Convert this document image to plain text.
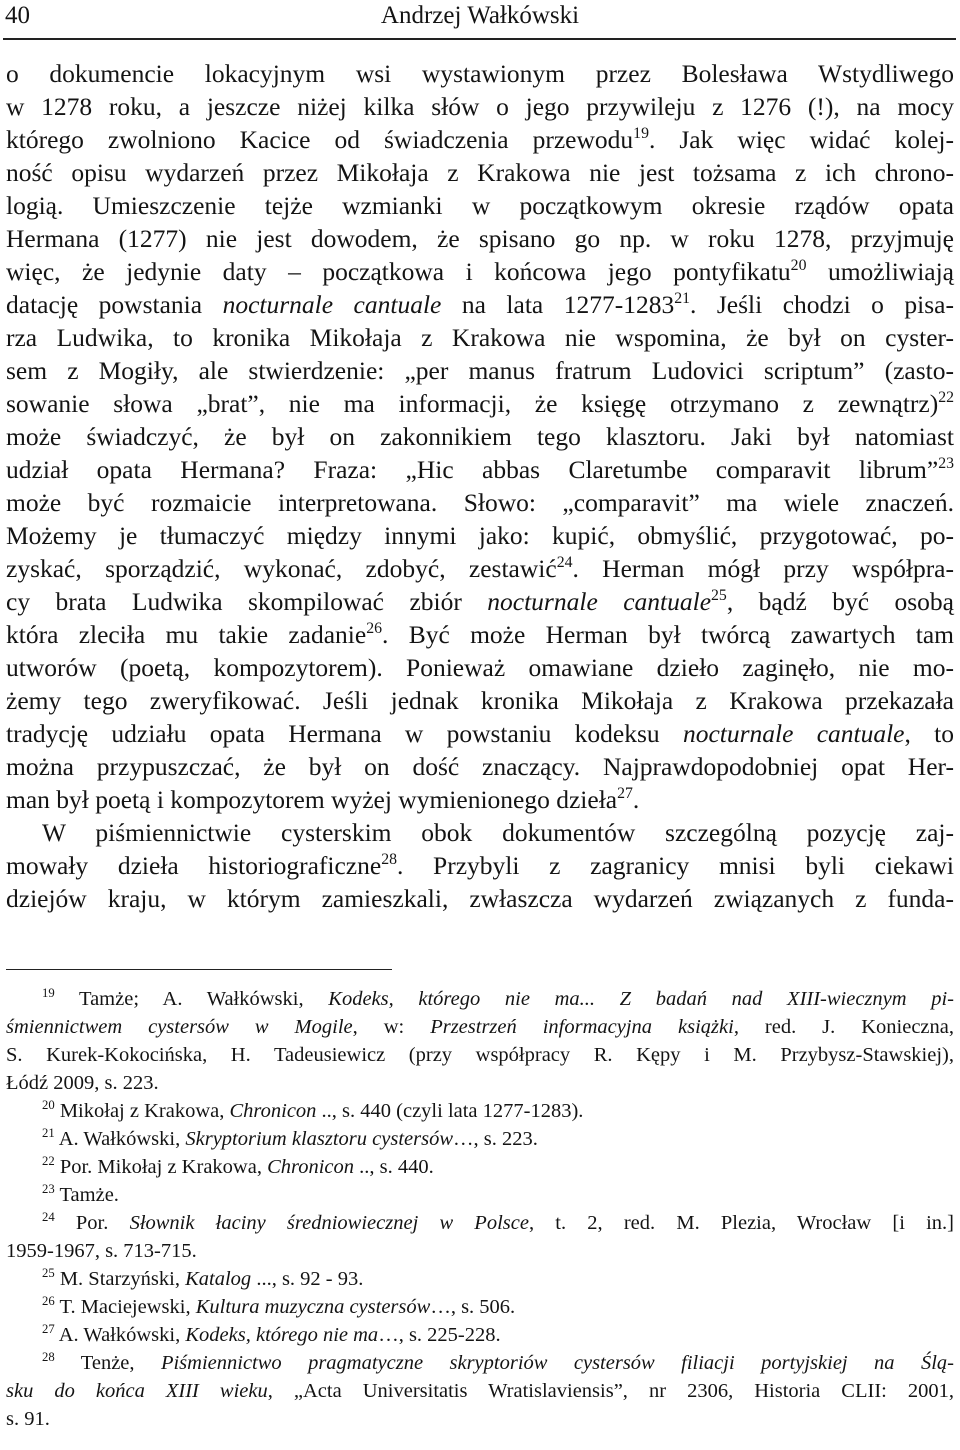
40	Andrzej Wałkówski
o dokumencie lokacyjnym wsi wystawionym przez Bolesława Wstydliwego
w 1278 roku, a jeszcze niżej kilka słów o jego przywileju z 1276 (!), na mocy
którego zwolniono Kacice od świadczenia przewodu$^{19}$. Jak więc widać kolej-
ność opisu wydarzeń przez Mikołaja z Krakowa nie jest tożsama z ich chrono-
logią. Umieszczenie tejże wzmianki w początkowym okresie rządów opata
Hermana (1277) nie jest dowodem, że spisano go np. w roku 1278, przyjmuję
więc, że jedynie daty – początkowa i końcowa jego pontyfikatu$^{20}$ umożliwiają
datację powstania nocturnale cantuale na lata 1277-1283$^{21}$. Jeśli chodzi o pisa-
rza Ludwika, to kronika Mikołaja z Krakowa nie wspomina, że był on cyster-
sem z Mogiły, ale stwierdzenie: „per manus fratrum Ludovici scriptum” (zasto-
sowanie słowa „brat”, nie ma informacji, że księgę otrzymano z zewnątrz)$^{22}$
może świadczyć, że był on zakonnikiem tego klasztoru. Jaki był natomiast
udział opata Hermana? Fraza: „Hic abbas Claretumbe comparavit librum”$^{23}$
może być rozmaicie interpretowana. Słowo: „comparavit” ma wiele znaczeń.
Możemy je tłumaczyć między innymi jako: kupić, obmyślić, przygotować, po-
zyskać, sporządzić, wykonać, zdobyć, zestawić$^{24}$. Herman mógł przy współpra-
cy brata Ludwika skompilować zbiór nocturnale cantuale$^{25}$, bądź być osobą
która zleciła mu takie zadanie$^{26}$. Być może Herman był twórcą zawartych tam
utworów (poetą, kompozytorem). Ponieważ omawiane dzieło zaginęło, nie mo-
żemy tego zweryfikować. Jeśli jednak kronika Mikołaja z Krakowa przekazała
tradycję udziału opata Hermana w powstaniu kodeksu nocturnale cantuale, to
można przypuszczać, że był on dość znaczący. Najprawdopodobniej opat Her-
man był poetą i kompozytorem wyżej wymienionego dzieła$^{27}$.
W piśmiennictwie cysterskim obok dokumentów szczególną pozycję zaj-
mowały dzieła historiograficzne$^{28}$. Przybyli z zagranicy mnisi byli ciekawi
dziejów kraju, w którym zamieszkali, zwłaszcza wydarzeń związanych z funda-
$^{19}$ Tamże; A. Wałkówski, Kodeks, którego nie ma... Z badań nad XIII-wiecznym pi-
śmiennictwem cystersów w Mogile, w: Przestrzeń informacyjna książki, red. J. Konieczna,
S. Kurek-Kokocińska, H. Tadeusiewicz (przy współpracy R. Kępy i M. Przybysz-Stawskiej),
Łódź 2009, s. 223.
$^{20}$ Mikołaj z Krakowa, Chronicon .., s. 440 (czyli lata 1277-1283).
$^{21}$ A. Wałkówski, Skryptorium klasztoru cystersów…, s. 223.
$^{22}$ Por. Mikołaj z Krakowa, Chronicon .., s. 440.
$^{23}$ Tamże.
$^{24}$ Por. Słownik łaciny średniowiecznej w Polsce, t. 2, red. M. Plezia, Wrocław [i in.]
1959-1967, s. 713-715.
$^{25}$ M. Starzyński, Katalog ..., s. 92 - 93.
$^{26}$ T. Maciejewski, Kultura muzyczna cystersów…, s. 506.
$^{27}$ A. Wałkówski, Kodeks, którego nie ma…, s. 225-228.
$^{28}$ Tenże, Piśmiennictwo pragmatyczne skryptoriów cystersów filiacji portyjskiej na Ślą-
sku do końca XIII wieku, „Acta Universitatis Wratislaviensis”, nr 2306, Historia CLII: 2001,
s. 91.
